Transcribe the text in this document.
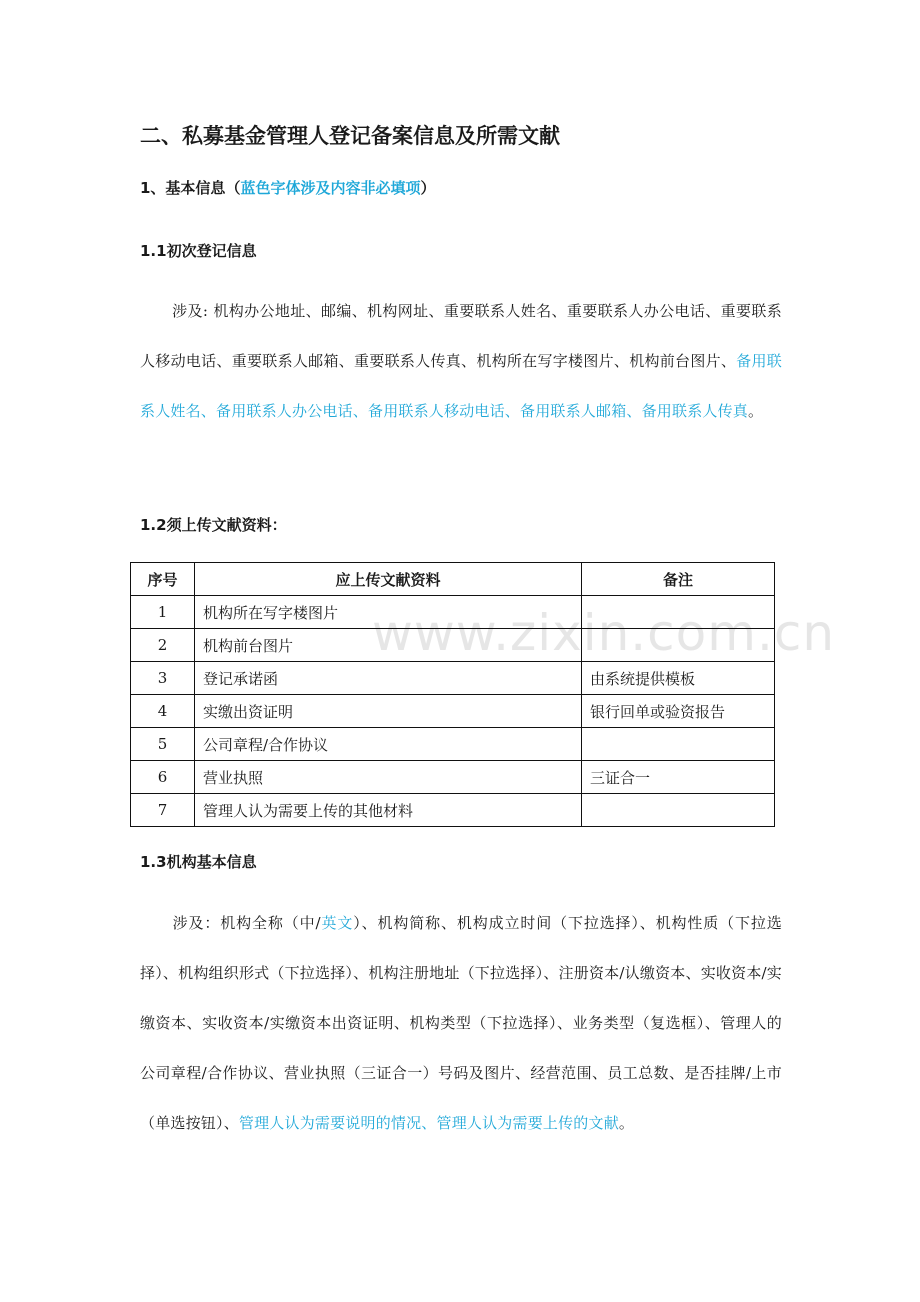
www.zixin.com.cn
二、私募基金管理人登记备案信息及所需文献
1、基本信息（蓝色字体涉及内容非必填项）
1.1初次登记信息
涉及: 机构办公地址、邮编、机构网址、重要联系人姓名、重要联系人办公电话、重要联系人移动电话、重要联系人邮箱、重要联系人传真、机构所在写字楼图片、机构前台图片、备用联系人姓名、备用联系人办公电话、备用联系人移动电话、备用联系人邮箱、备用联系人传真。
1.2须上传文献资料：
序号	应上传文献资料	备注
1	机构所在写字楼图片	
2	机构前台图片	
3	登记承诺函	由系统提供模板
4	实缴出资证明	银行回单或验资报告
5	公司章程/合作协议	
6	营业执照	三证合一
7	管理人认为需要上传的其他材料	
1.3机构基本信息
涉及：机构全称（中/英文）、机构简称、机构成立时间（下拉选择）、机构性质（下拉选择）、机构组织形式（下拉选择）、机构注册地址（下拉选择）、注册资本/认缴资本、实收资本/实缴资本、实收资本/实缴资本出资证明、机构类型（下拉选择）、业务类型（复选框）、管理人的公司章程/合作协议、营业执照（三证合一）号码及图片、经营范围、员工总数、是否挂牌/上市（单选按钮）、管理人认为需要说明的情况、管理人认为需要上传的文献。
